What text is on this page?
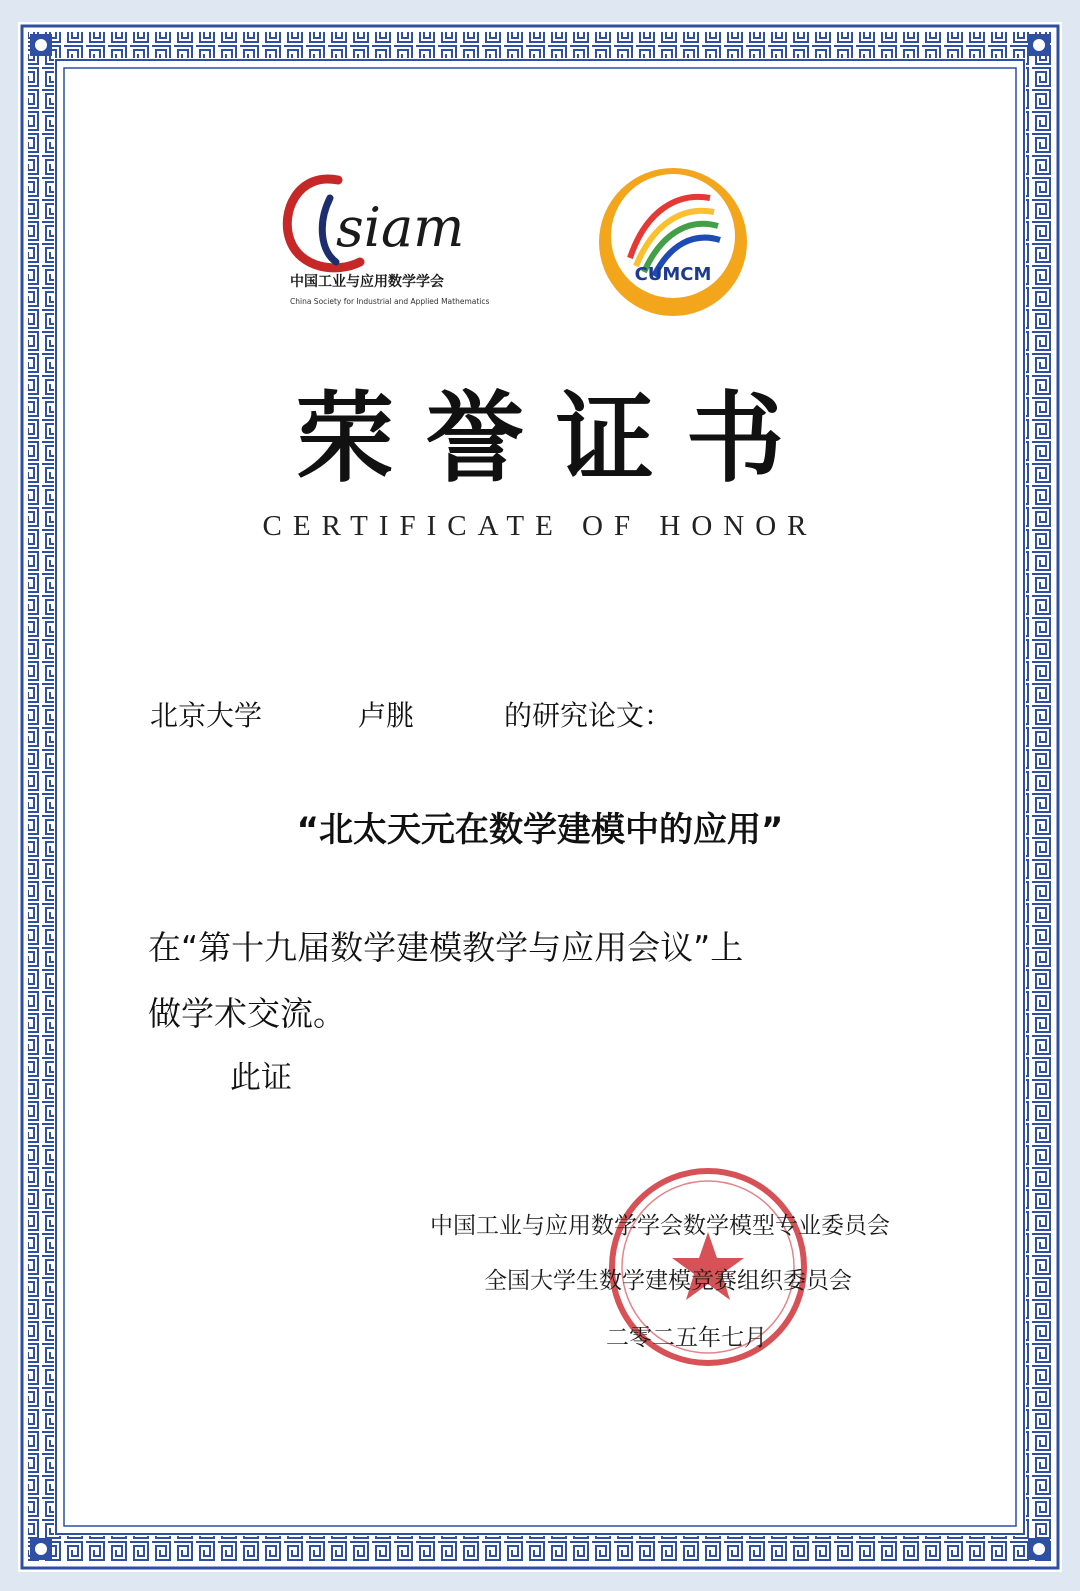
siam
中国工业与应用数学学会
China Society for Industrial and Applied Mathematics
CUMCM
荣誉证书
CERTIFICATE OF HONOR
北京大学	卢朓	的研究论文：
“北太天元在数学建模中的应用”
在“第十九届数学建模教学与应用会议”上
做学术交流。
此证
中国工业与应用数学学会数学模型专业委员会
全国大学生数学建模竞赛组织委员会
二零二五年七月
